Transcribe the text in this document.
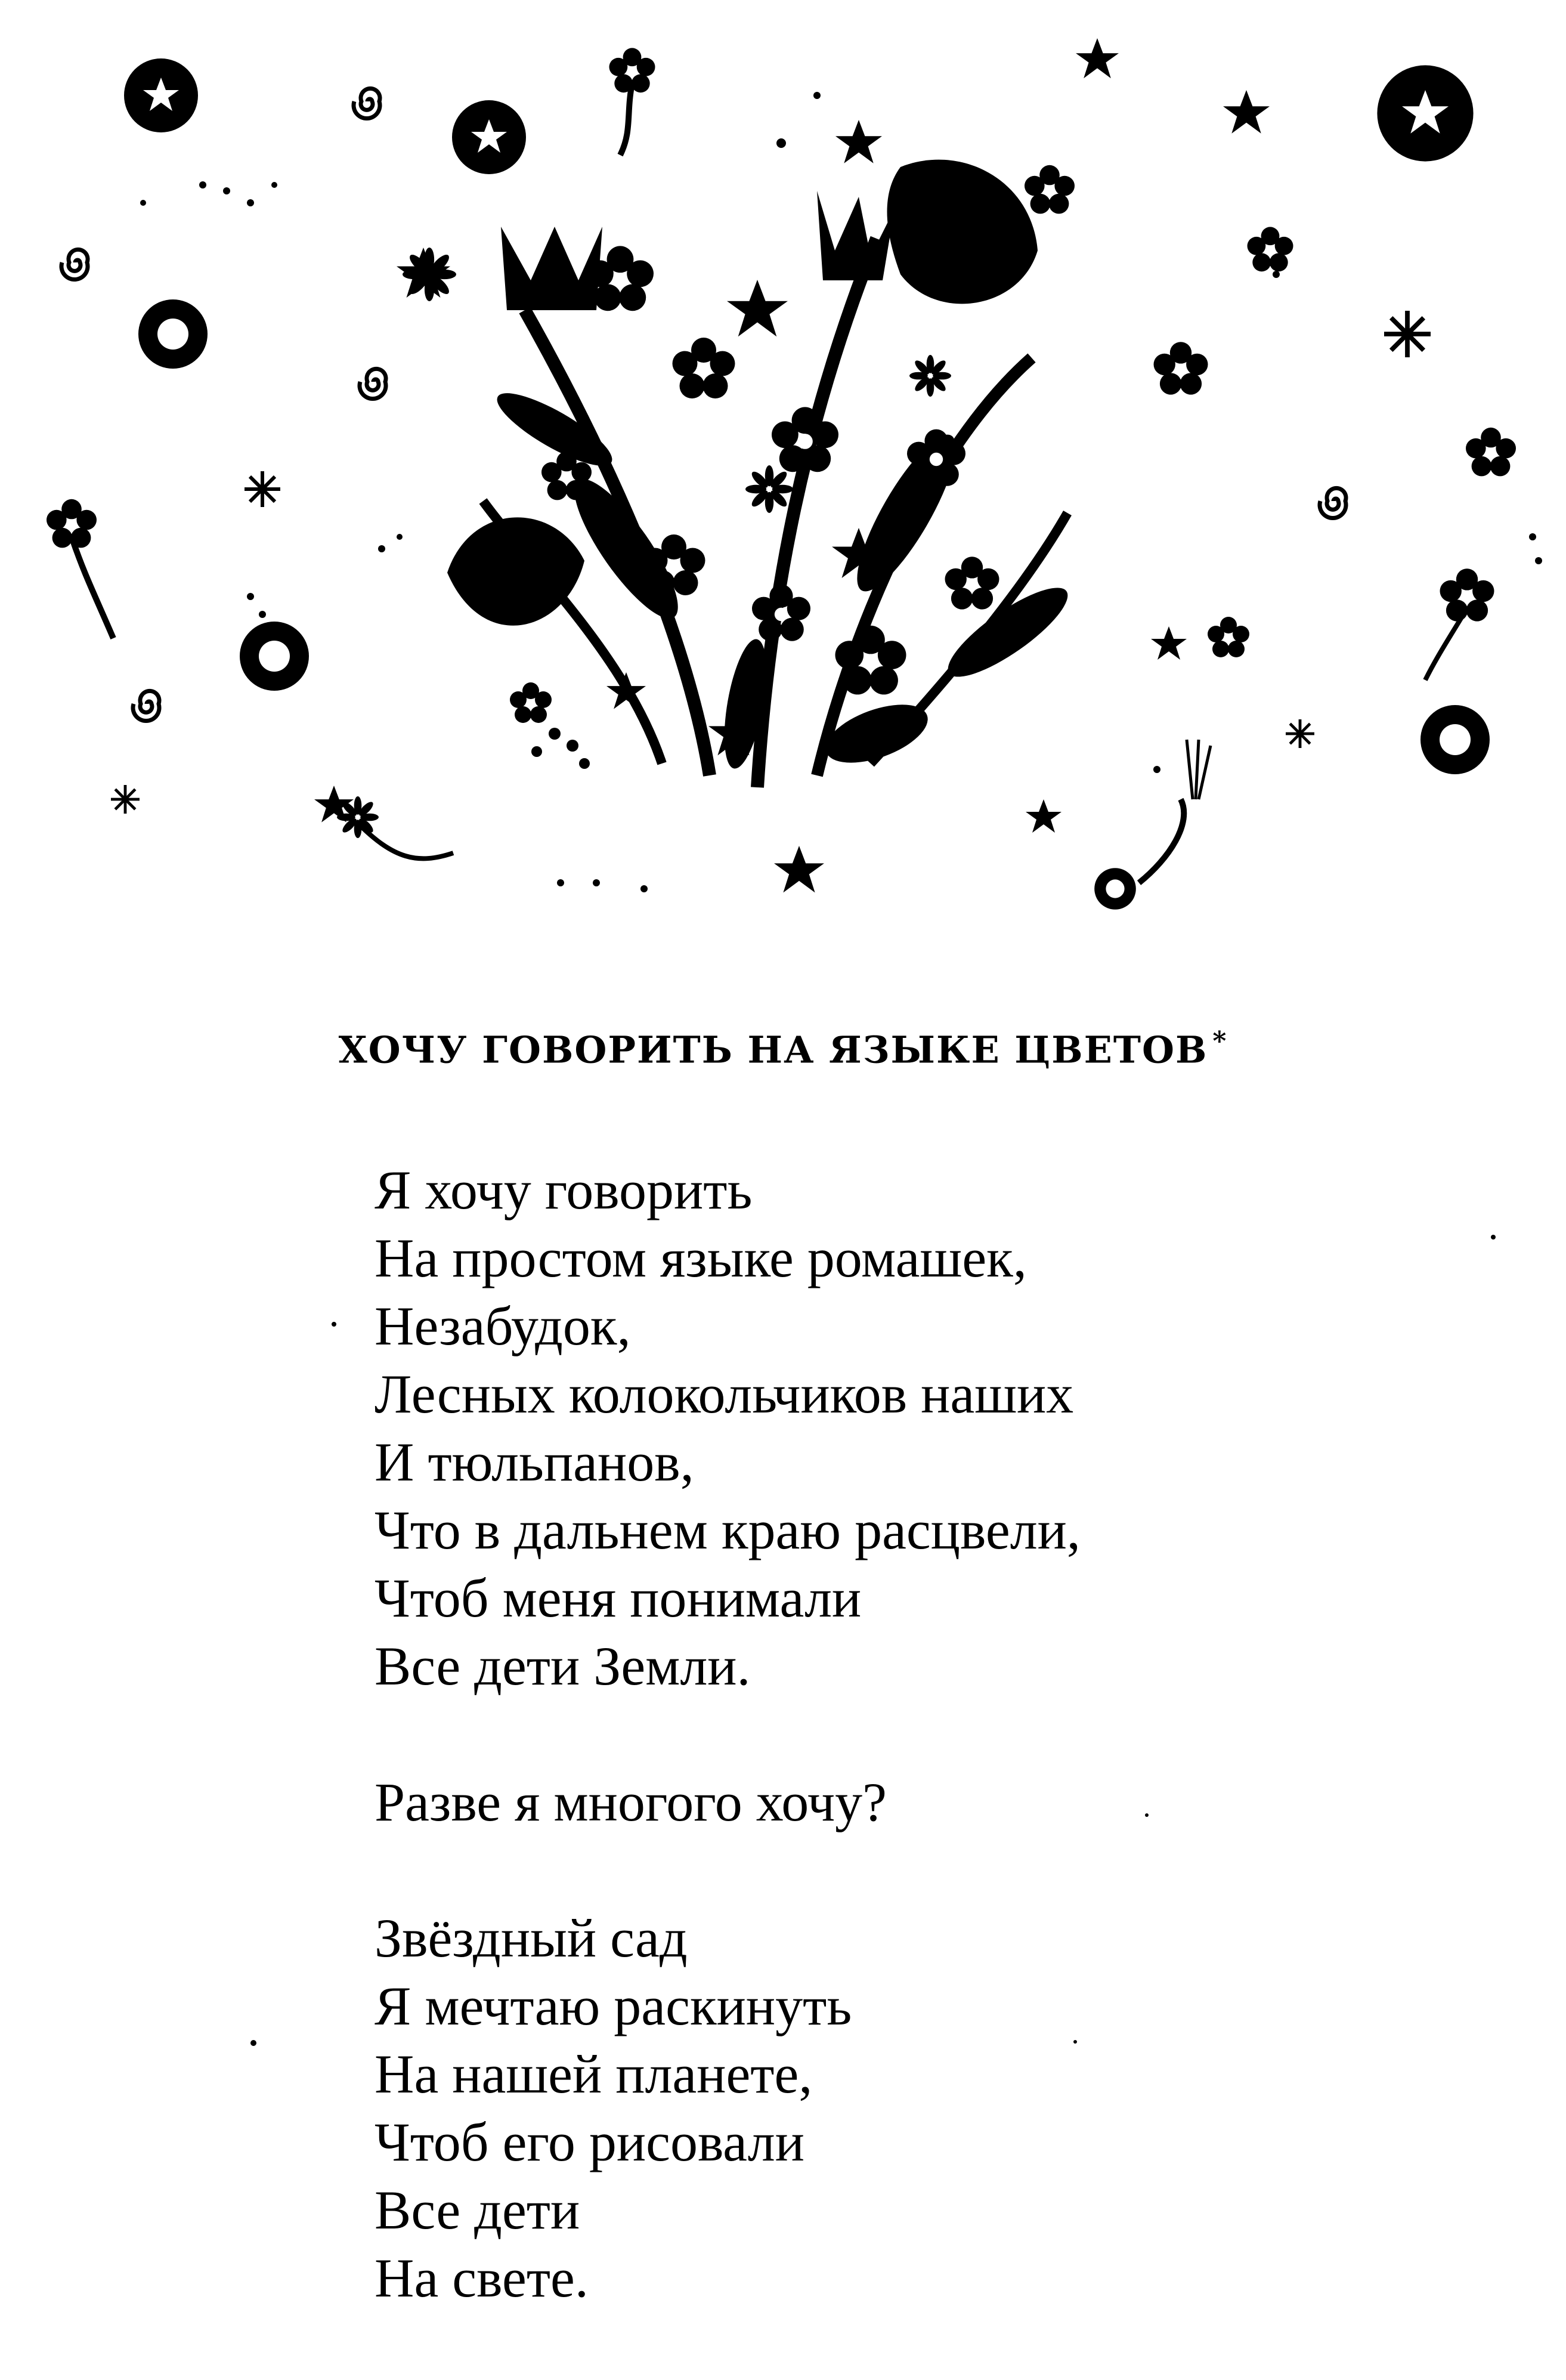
ХОЧУ ГОВОРИТЬ НА ЯЗЫКЕ ЦВЕТОВ *
Я хочу говорить
На простом языке ромашек,
Незабудок,
Лесных колокольчиков наших
И тюльпанов,
Что в дальнем краю расцвели,
Чтоб меня понимали
Все дети Земли.
Разве я многого хочу?
Звёздный сад
Я мечтаю раскинуть
На нашей планете,
Чтоб его рисовали
Все дети
На свете.
